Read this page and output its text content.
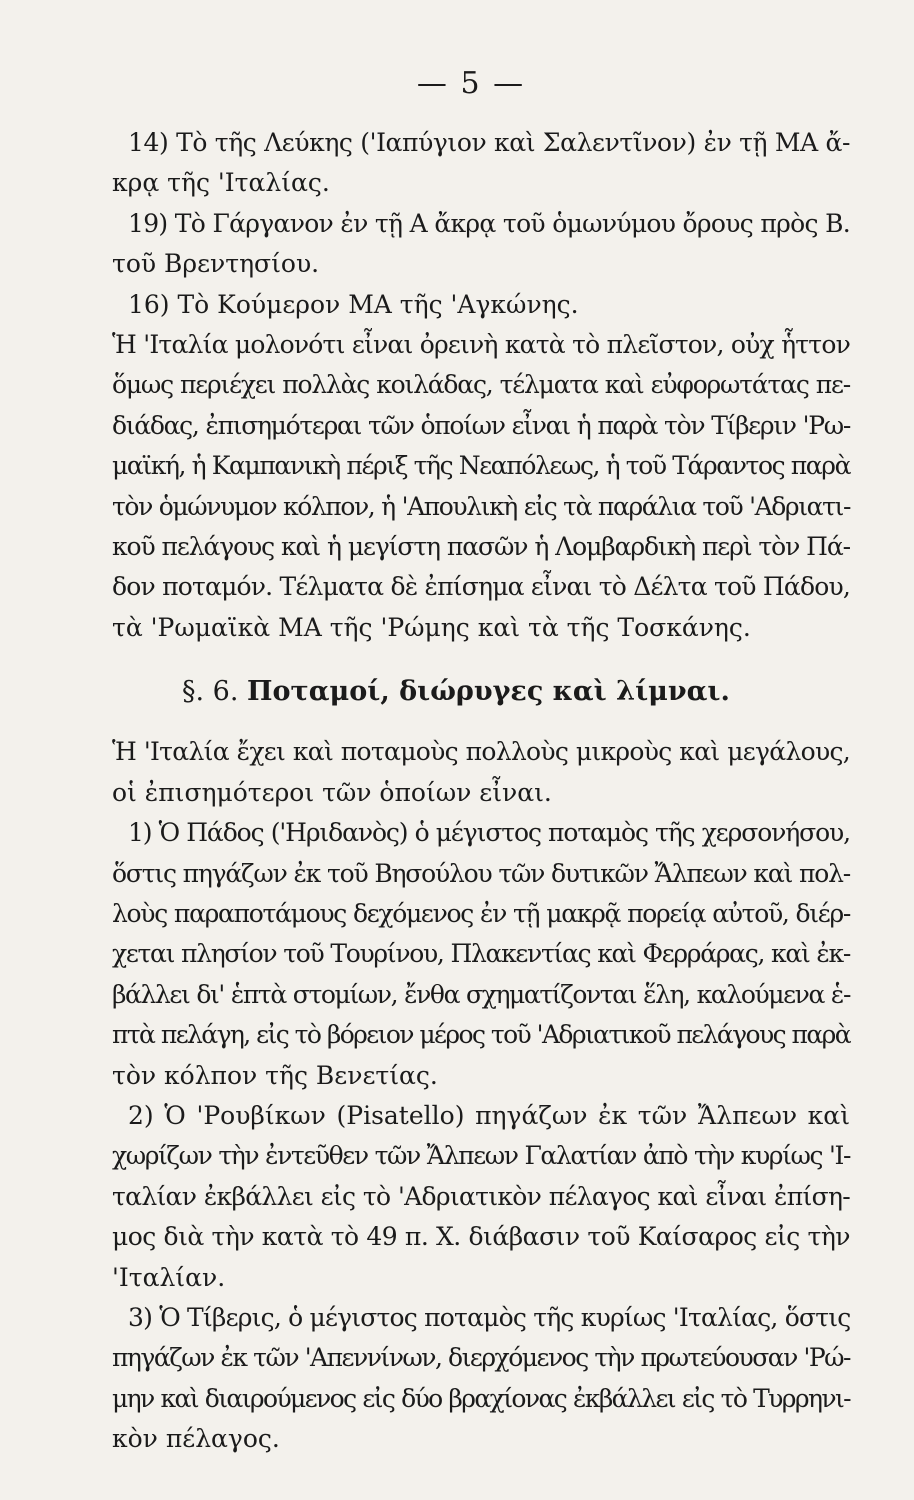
— 5 —
14) Τὸ τῆς Λεύκης ('Ιαπύγιον καὶ Σαλεντῖνον) ἐν τῇ ΜΑ ἄ-
κρᾳ τῆς 'Ιταλίας.
19) Τὸ Γάργανον ἐν τῇ Α ἄκρᾳ τοῦ ὁμωνύμου ὄρους πρὸς Β.
τοῦ Βρεντησίου.
16) Τὸ Κούμερον ΜΑ τῆς 'Αγκώνης.
Ἡ 'Ιταλία μολονότι εἶναι ὀρεινὴ κατὰ τὸ πλεῖστον, οὐχ ἧττον
ὅμως περιέχει πολλὰς κοιλάδας, τέλματα καὶ εὐφορωτάτας πε-
διάδας, ἐπισημότεραι τῶν ὁποίων εἶναι ἡ παρὰ τὸν Τίβεριν 'Ρω-
μαϊκή, ἡ Καμπανικὴ πέριξ τῆς Νεαπόλεως, ἡ τοῦ Τάραντος παρὰ
τὸν ὁμώνυμον κόλπον, ἡ 'Απουλικὴ εἰς τὰ παράλια τοῦ 'Αδριατι-
κοῦ πελάγους καὶ ἡ μεγίστη πασῶν ἡ Λομβαρδικὴ περὶ τὸν Πά-
δον ποταμόν. Τέλματα δὲ ἐπίσημα εἶναι τὸ Δέλτα τοῦ Πάδου,
τὰ 'Ρωμαϊκὰ ΜΑ τῆς 'Ρώμης καὶ τὰ τῆς Τοσκάνης.
§. 6. Ποταμοί, διώρυγες καὶ λίμναι.
Ἡ 'Ιταλία ἔχει καὶ ποταμοὺς πολλοὺς μικροὺς καὶ μεγάλους,
οἱ ἐπισημότεροι τῶν ὁποίων εἶναι.
1) Ὁ Πάδος ('Ηριδανὸς) ὁ μέγιστος ποταμὸς τῆς χερσονήσου,
ὅστις πηγάζων ἐκ τοῦ Βησούλου τῶν δυτικῶν Ἄλπεων καὶ πολ-
λοὺς παραποτάμους δεχόμενος ἐν τῇ μακρᾷ πορείᾳ αὐτοῦ, διέρ-
χεται πλησίον τοῦ Τουρίνου, Πλακεντίας καὶ Φερράρας, καὶ ἐκ-
βάλλει δι' ἑπτὰ στομίων, ἔνθα σχηματίζονται ἕλη, καλούμενα ἑ-
πτὰ πελάγη, εἰς τὸ βόρειον μέρος τοῦ 'Αδριατικοῦ πελάγους παρὰ
τὸν κόλπον τῆς Βενετίας.
2) Ὁ 'Ρουβίκων (Pisatello) πηγάζων ἐκ τῶν Ἄλπεων καὶ
χωρίζων τὴν ἐντεῦθεν τῶν Ἄλπεων Γαλατίαν ἀπὸ τὴν κυρίως 'Ι-
ταλίαν ἐκβάλλει εἰς τὸ 'Αδριατικὸν πέλαγος καὶ εἶναι ἐπίση-
μος διὰ τὴν κατὰ τὸ 49 π. Χ. διάβασιν τοῦ Καίσαρος εἰς τὴν
'Ιταλίαν.
3) Ὁ Τίβερις, ὁ μέγιστος ποταμὸς τῆς κυρίως 'Ιταλίας, ὅστις
πηγάζων ἐκ τῶν 'Απεννίνων, διερχόμενος τὴν πρωτεύουσαν 'Ρώ-
μην καὶ διαιρούμενος εἰς δύο βραχίονας ἐκβάλλει εἰς τὸ Τυρρηνι-
κὸν πέλαγος.
